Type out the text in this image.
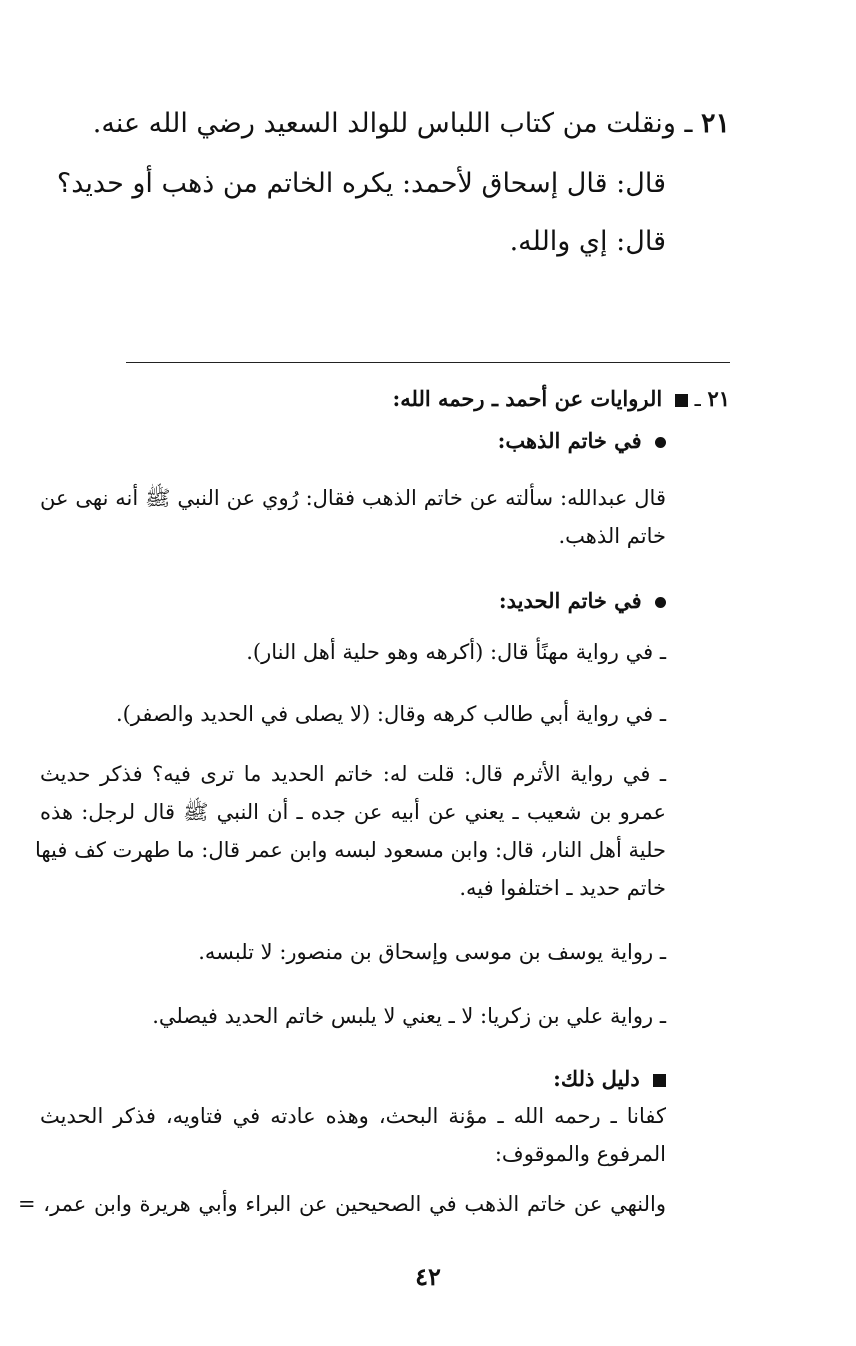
٢١ ـ ونقلت من كتاب اللباس للوالد السعيد رضي الله عنه.
قال: قال إسحاق لأحمد: يكره الخاتم من ذهب أو حديد؟
قال: إي والله.
٢١ ـ  الروايات عن أحمد ـ رحمه الله:
في خاتم الذهب:
قال عبدالله: سألته عن خاتم الذهب فقال: رُوي عن النبي ﷺ أنه نهى عن
خاتم الذهب.
في خاتم الحديد:
ـ في رواية مهنًأ قال: (أكرهه وهو حلية أهل النار).
ـ في رواية أبي طالب كرهه وقال: (لا يصلى في الحديد والصفر).
ـ في رواية الأثرم قال: قلت له: خاتم الحديد ما ترى فيه؟ فذكر حديث
عمرو بن شعيب ـ يعني عن أبيه عن جده ـ أن النبي ﷺ قال لرجل: هذه
حلية أهل النار، قال: وابن مسعود لبسه وابن عمر قال: ما طهرت كف فيها
خاتم حديد ـ اختلفوا فيه.
ـ رواية يوسف بن موسى وإسحاق بن منصور: لا تلبسه.
ـ رواية علي بن زكريا: لا ـ يعني لا يلبس خاتم الحديد فيصلي.
دليل ذلك:
كفانا ـ رحمه الله ـ مؤنة البحث، وهذه عادته في فتاويه، فذكر الحديث
المرفوع والموقوف:
والنهي عن خاتم الذهب في الصحيحين عن البراء وأبي هريرة وابن عمر، =
٤٢
